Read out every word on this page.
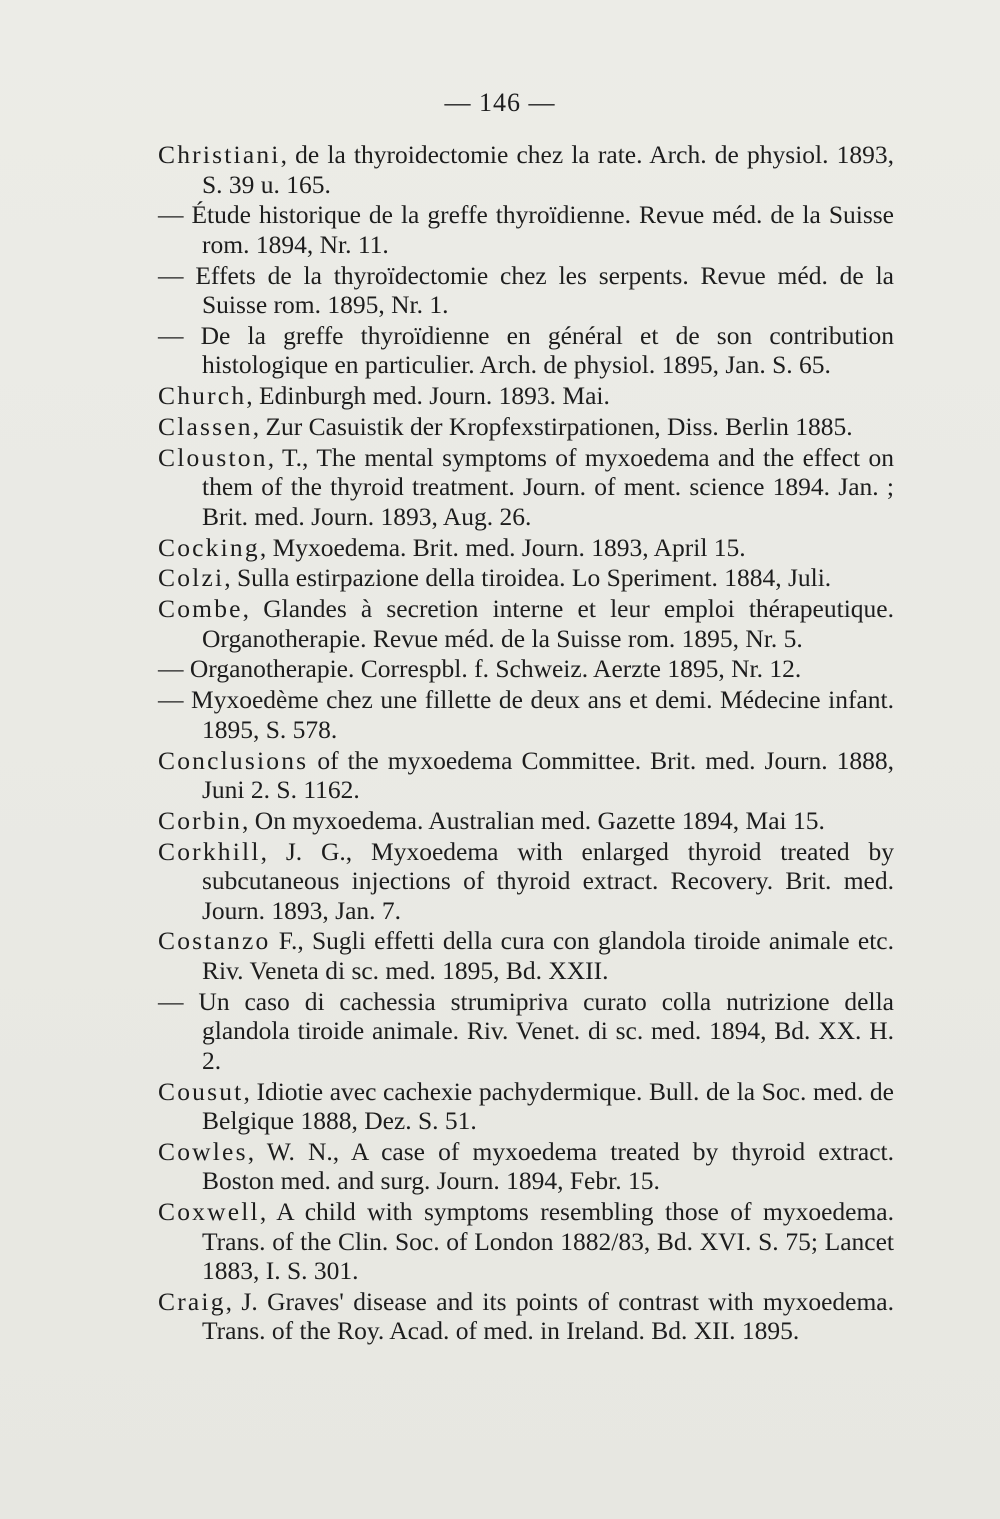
— 146 —

Christiani, de la thyroidectomie chez la rate. Arch. de physiol. 1893, S. 39 u. 165.

— Étude historique de la greffe thyroïdienne. Revue méd. de la Suisse rom. 1894, Nr. 11.

— Effets de la thyroïdectomie chez les serpents. Revue méd. de la Suisse rom. 1895, Nr. 1.

— De la greffe thyroïdienne en général et de son contribution histologique en particulier. Arch. de physiol. 1895, Jan. S. 65.

Church, Edinburgh med. Journ. 1893. Mai.

Classen, Zur Casuistik der Kropfexstirpationen, Diss. Berlin 1885.

Clouston, T., The mental symptoms of myxoedema and the effect on them of the thyroid treatment. Journ. of ment. science 1894. Jan. ; Brit. med. Journ. 1893, Aug. 26.

Cocking, Myxoedema. Brit. med. Journ. 1893, April 15.

Colzi, Sulla estirpazione della tiroidea. Lo Speriment. 1884, Juli.

Combe, Glandes à secretion interne et leur emploi thérapeutique. Organotherapie. Revue méd. de la Suisse rom. 1895, Nr. 5.

— Organotherapie. Correspbl. f. Schweiz. Aerzte 1895, Nr. 12.

— Myxoedème chez une fillette de deux ans et demi. Médecine infant. 1895, S. 578.

Conclusions of the myxoedema Committee. Brit. med. Journ. 1888, Juni 2. S. 1162.

Corbin, On myxoedema. Australian med. Gazette 1894, Mai 15.

Corkhill, J. G., Myxoedema with enlarged thyroid treated by subcutaneous injections of thyroid extract. Recovery. Brit. med. Journ. 1893, Jan. 7.

Costanzo F., Sugli effetti della cura con glandola tiroide animale etc. Riv. Veneta di sc. med. 1895, Bd. XXII.

— Un caso di cachessia strumipriva curato colla nutrizione della glandola tiroide animale. Riv. Venet. di sc. med. 1894, Bd. XX. H. 2.

Cousut, Idiotie avec cachexie pachydermique. Bull. de la Soc. med. de Belgique 1888, Dez. S. 51.

Cowles, W. N., A case of myxoedema treated by thyroid extract. Boston med. and surg. Journ. 1894, Febr. 15.

Coxwell, A child with symptoms resembling those of myxoedema. Trans. of the Clin. Soc. of London 1882/83, Bd. XVI. S. 75; Lancet 1883, I. S. 301.

Craig, J. Graves' disease and its points of contrast with myxoedema. Trans. of the Roy. Acad. of med. in Ireland. Bd. XII. 1895.
